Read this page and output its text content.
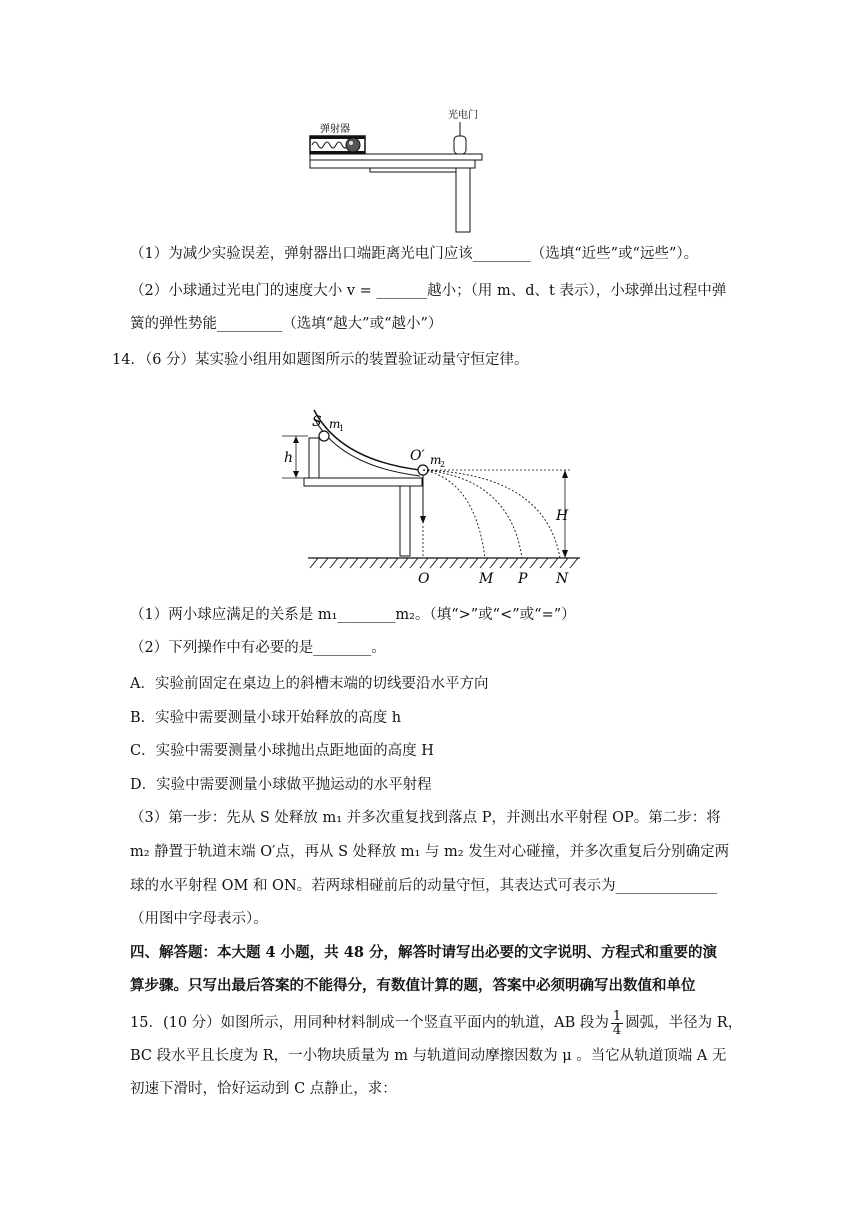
弹射器
光电门
（1）为减少实验误差，弹射器出口端距离光电门应该________（选填“近些”或“远些”）。
（2）小球通过光电门的速度大小 v = _______越小；（用 m、d、t 表示），小球弹出过程中弹
簧的弹性势能_________（选填“越大”或“越小”）
14．（6 分）某实验小组用如题图所示的装置验证动量守恒定律。
h
S m
1
O′ m
2
H
O	M P N
（1）两小球应满足的关系是 m₁________m₂。（填“>”或“<”或“=”）
（2）下列操作中有必要的是________。
A．实验前固定在桌边上的斜槽末端的切线要沿水平方向
B．实验中需要测量小球开始释放的高度 h
C．实验中需要测量小球抛出点距地面的高度 H
D．实验中需要测量小球做平抛运动的水平射程
（3）第一步：先从 S 处释放 m₁ 并多次重复找到落点 P，并测出水平射程 OP。第二步：将
m₂ 静置于轨道末端 O′点，再从 S 处释放 m₁ 与 m₂ 发生对心碰撞，并多次重复后分别确定两
球的水平射程 OM 和 ON。若两球相碰前后的动量守恒，其表达式可表示为______________
（用图中字母表示）。
四、解答题：本大题 4 小题，共 48 分，解答时请写出必要的文字说明、方程式和重要的演
算步骤。只写出最后答案的不能得分，有数值计算的题，答案中必须明确写出数值和单位
15．(10 分）如图所示，用同种材料制成一个竖直平面内的轨道，AB 段为 $\frac{1}{4}$ 圆弧，半径为 R，
BC 段水平且长度为 R，一小物块质量为 m 与轨道间动摩擦因数为 μ 。当它从轨道顶端 A 无
初速下滑时，恰好运动到 C 点静止，求：
